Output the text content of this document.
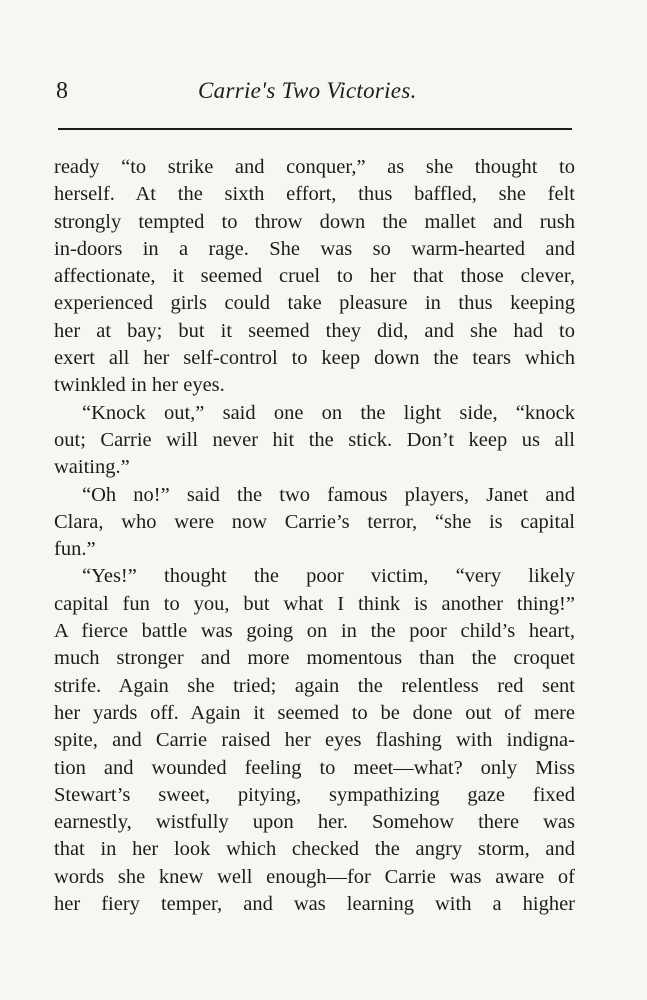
8	Carrie's Two Victories.
ready “to strike and conquer,” as she thought to
herself. At the sixth effort, thus baffled, she felt
strongly tempted to throw down the mallet and rush
in-doors in a rage. She was so warm-hearted and
affectionate, it seemed cruel to her that those clever,
experienced girls could take pleasure in thus keeping
her at bay; but it seemed they did, and she had to
exert all her self-control to keep down the tears which
twinkled in her eyes.
“Knock out,” said one on the light side, “knock
out; Carrie will never hit the stick. Don’t keep us all
waiting.”
“Oh no!” said the two famous players, Janet and
Clara, who were now Carrie’s terror, “she is capital
fun.”
“Yes!” thought the poor victim, “very likely
capital fun to you, but what I think is another thing!”
A fierce battle was going on in the poor child’s heart,
much stronger and more momentous than the croquet
strife. Again she tried; again the relentless red sent
her yards off. Again it seemed to be done out of mere
spite, and Carrie raised her eyes flashing with indigna-
tion and wounded feeling to meet—what? only Miss
Stewart’s sweet, pitying, sympathizing gaze fixed
earnestly, wistfully upon her. Somehow there was
that in her look which checked the angry storm, and
words she knew well enough—for Carrie was aware of
her fiery temper, and was learning with a higher
